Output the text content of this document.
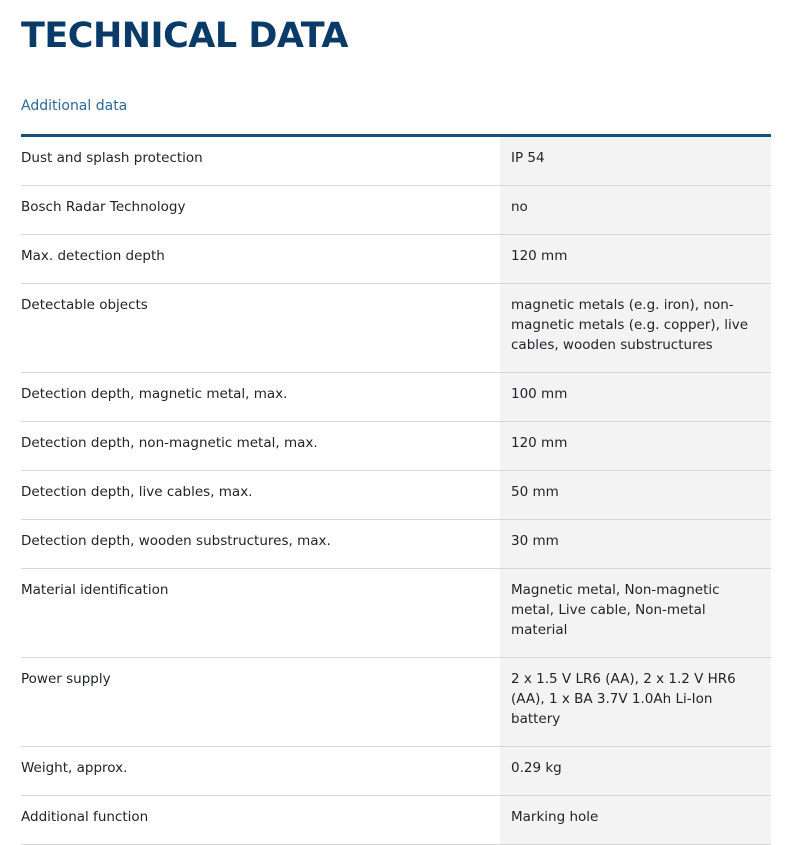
TECHNICAL DATA
Additional data
Dust and splash protection	IP 54
Bosch Radar Technology	no
Max. detection depth	120 mm
Detectable objects	magnetic metals (e.g. iron), non-magnetic metals (e.g. copper), live cables, wooden substructures
Detection depth, magnetic metal, max.	100 mm
Detection depth, non-magnetic metal, max.	120 mm
Detection depth, live cables, max.	50 mm
Detection depth, wooden substructures, max.	30 mm
Material identification	Magnetic metal, Non-magnetic metal, Live cable, Non-metal material
Power supply	2 x 1.5 V LR6 (AA), 2 x 1.2 V HR6 (AA), 1 x BA 3.7V 1.0Ah Li-Ion battery
Weight, approx.	0.29 kg
Additional function	Marking hole
